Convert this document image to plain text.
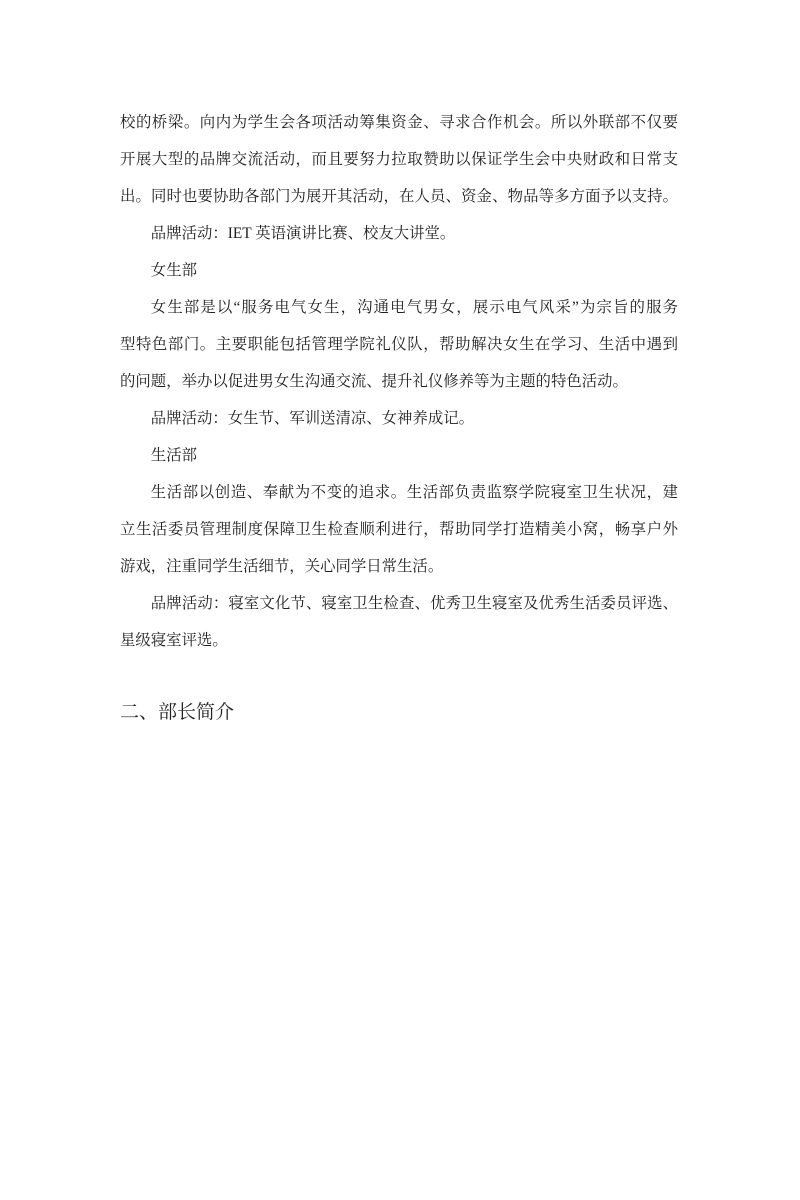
校的桥梁。向内为学生会各项活动筹集资金、寻求合作机会。所以外联部不仅要
开展大型的品牌交流活动，而且要努力拉取赞助以保证学生会中央财政和日常支
出。同时也要协助各部门为展开其活动，在人员、资金、物品等多方面予以支持。
品牌活动：IET 英语演讲比赛、校友大讲堂。
女生部
女生部是以“服务电气女生，沟通电气男女，展示电气风采”为宗旨的服务
型特色部门。主要职能包括管理学院礼仪队，帮助解决女生在学习、生活中遇到
的问题，举办以促进男女生沟通交流、提升礼仪修养等为主题的特色活动。
品牌活动：女生节、军训送清凉、女神养成记。
生活部
生活部以创造、奉献为不变的追求。生活部负责监察学院寝室卫生状况，建
立生活委员管理制度保障卫生检查顺利进行，帮助同学打造精美小窝，畅享户外
游戏，注重同学生活细节，关心同学日常生活。
品牌活动：寝室文化节、寝室卫生检查、优秀卫生寝室及优秀生活委员评选、
星级寝室评选。
二、部长简介
